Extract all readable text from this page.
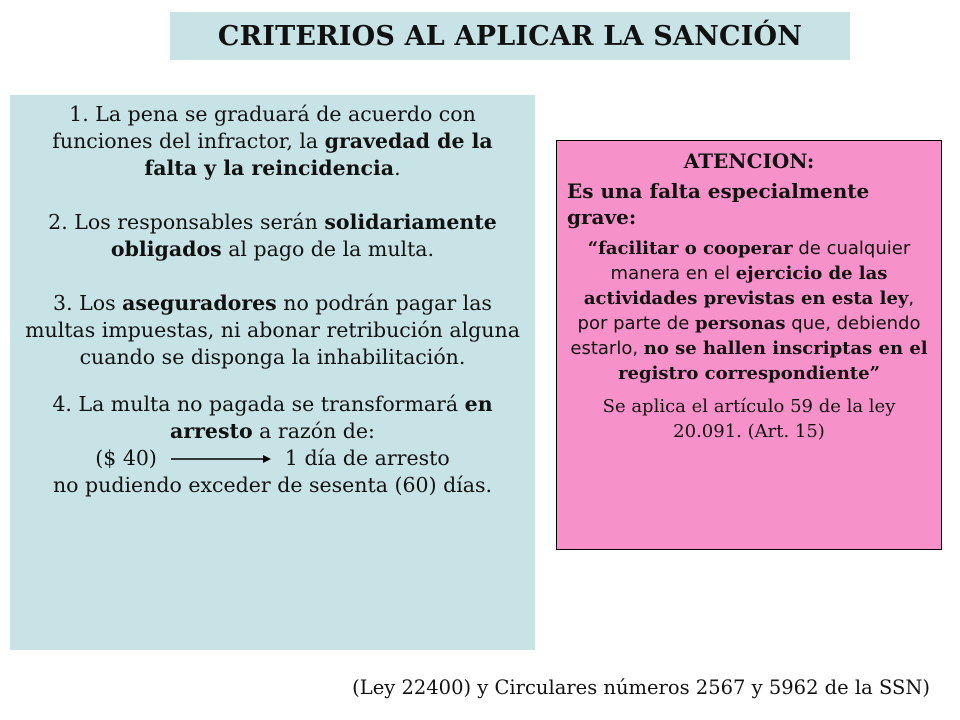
CRITERIOS AL APLICAR LA SANCIÓN

1. La pena se graduará de acuerdo con funciones del infractor, la gravedad de la falta y la reincidencia.

2. Los responsables serán solidariamente obligados al pago de la multa.

3. Los aseguradores no podrán pagar las multas impuestas, ni abonar retribución alguna cuando se disponga la inhabilitación.

4. La multa no pagada se transformará en arresto a razón de:

($ 40)	1 día de arresto

no pudiendo exceder de sesenta (60) días.

ATENCION:
Es una falta especialmente grave:
“facilitar o cooperar de cualquier manera en el ejercicio de las actividades previstas en esta ley, por parte de personas que, debiendo estarlo, no se hallen inscriptas en el registro correspondiente”
Se aplica el artículo 59 de la ley 20.091. (Art. 15)
(Ley 22400) y Circulares números 2567 y 5962 de la SSN)
